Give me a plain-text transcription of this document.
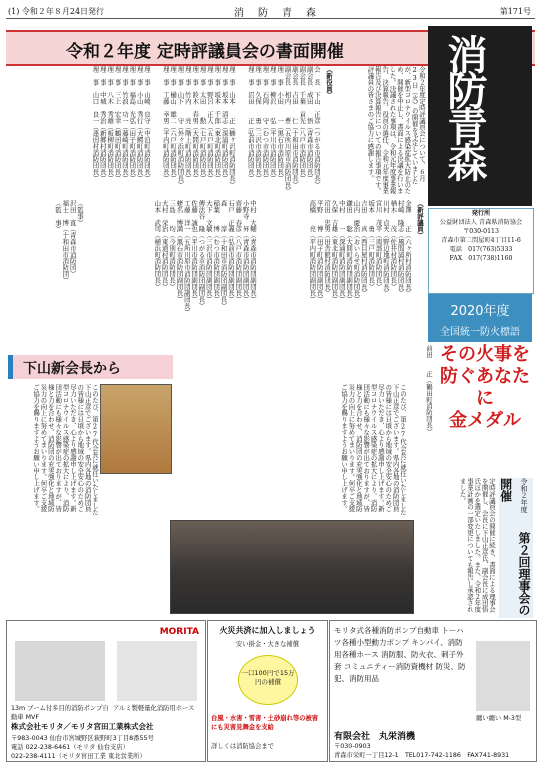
(1) 令和２年８月24日発行	消　防　青　森	第171号
令和２年度 定時評議員会の書面開催
令和２年度定時評議員会について、６月23日（火）の開催を予定していましたが、新型コロナウイルス感染症拡大防止のため、開催を中止し、書面による決議を行いました。決議された事項は、令和元年度事業報告、決算報告、役員の選任、令和元年度事業報告及び決算報告についての報告事項です。評議員の皆さまのご協力に感謝します。
（新役員）
会　長　下山　正彦（つがる市消防団長）
副会長　成田　　悟（青森市消防団長）
副会長　千葉　貢光（八戸市消防団長）
副会長　吉田　　仁（十和田市消防団長）
副会長　相内　　豊（五所川原市消防団長）
理　事　小田　　一（黒石市消防団長）
理　事　柳沢　　弘（平川市消防団長）
理　事　石岡　　守（むつ市消防団長）
理　事　久保　　勇（三沢市消防団長）
理　事　沼田　　正（弘前市消防団長）
理　事　山本　　正（鰺ヶ沢町消防団長）
理　事　坂本　清志（深浦町消防団長）
理　事　坂本　千郎（東北町消防団長）
理　事　野呂　正人（五戸町消防団長）
理　事　太田　　勲（七戸町消防団長）
理　事　鈴木　春男（大間町消防団長）
理　事　竹内　　亮（階上町消防団長）
理　事　山下　　守（外ヶ浜町消防団長）
理　事　樋山　雄二（六戸町消防団長）
理　事　工藤　幸男（平内町消防団長）
理　事　山崎　良守（中泊町消防団長）
理　事　小山　秀行（大鰐町消防団長）
理　事　福島　光弘（田子町消防団長）
理　事　竹浪　功一（藤崎町消防団長）
理　事　三上　宏幸（鶴田町消防団長）
理　事　八木　秀雄（板柳町消防団長）
理　事　中城　秀治（新郷村消防団長）
理　事　山口　良一（蓬田村消防団長）
（新評議員）
金澤　　正（六ヶ所村消防団長）
村崎　隆志（風間浦村消防団長）
楢木　　茂（佐井村消防団長）
川村　貞夫（野辺地町消防団長）
宮川　茂平（南部町消防団長）
坂本　　勇（三戸町消防団長）
吉田　　真（西目屋村消防団長）
山内　慶治（おいらせ町消防団長）
鎌田　　聡（大間町消防団副団長）
中村　　一（深浦町消防団副団長）
久保　吉雄（東北町消防団副団長）
沼田　忠男（田舎館村消防団長）
平野　　博（田子町消防団副団長）
高橋　　亮（平内町消防団副団長）
中村　大輔（青森市消防団副団長）
小野寺　昇（青森市消防団副団長）
齊藤　春彦（八戸市消防団副団長）
石戸　正義（弘前市消防団副団長）
森　　　淳（十和田市消防団副団長）
稲葉　　博（むつ市消防団副団長）
大下　文敏（三沢市消防団副団長）
傳法谷　隆（つがる市消防団副団長）
佐藤　誠也（平川市消防団副団長）
工藤　洋一（五所川原市消防団副団長）
蛯名　博満（黒石市消防団副団長）
三島　　均（今別町消防団長）
大村　栄治（東通村消防団長）
山本　武司（横浜町消防団長）
（監事）
沢田　直（青森市消防団）
福士　博（十和田市消防団）
（監　事）
消防青森
発行所
公益財団法人 青森県消防協会
〒030-0113
青森市第二問屋町4丁目11-6
電話　017(763)5333
FAX　017(738)1160
2020年度
全国統一防火標語
その火事を
防ぐあなたに
金メダル
前田　　正（鶴田町消防団長）
下山新会長から
このたび、第27代会長に就任いたしました下山正彦でございます。県内各地の消防団員の皆様には日頃から地域の安全安心のためご尽力いただき、心より感謝申し上げます。新型コロナウイルス感染症の拡大により、消防団活動にも様々な影響が出ておりますが、皆様と力を合わせ、消防団の充実強化と地域防災力の向上に努めてまいります。何卒ご支援ご協力を賜りますようお願い申し上げます。	このたび、第27代会長に就任いたしました下山正彦でございます。県内各地の消防団員の皆様には日頃から地域の安全安心のためご尽力いただき、心より感謝申し上げます。新型コロナウイルス感染症の拡大により、消防団活動にも様々な影響が出ておりますが、皆様と力を合わせ、消防団の充実強化と地域防災力の向上に努めてまいります。何卒ご支援ご協力を賜りますようお願い申し上げます。	令和２年度 第２回理事会の開催
定時評議員会の開催に続き、書面による理事会を開催し、会長に下山正彦氏、副会長に成田悟氏ほかを選定いたしました。また、令和２年度事業計画の一部変更についても報告し承認されました。
MORITA
13m ブーム付多目的消防ポンプ自動車 MVF
アルミ製軽量化消防用ホース
株式会社モリタ／モリタ宮田工業株式会社
〒983-0043 仙台市宮城野区萩野町3丁目8番55号
電話 022-238-6461（モリタ 仙台支店）
022-238-4111（モリタ宮田工業 東北営業所）
火災共済に加入しましょう
安い掛金・大きな補償
一口100円で15万円の補償
台風・水害・雪害・土砂崩れ等の被害にも災害見舞金を支給
詳しくは消防協会まで
モリタ式各種消防ポンプ自動車 トーハツ各種小型動力ポンプ キンパイ、消防用各種ホース 消防服、防火衣、刺子外套 コミュニティー消防資機材 防災、防犯、消防用品
纏い纏い M-3型
有限会社　丸栄消機
〒030-0903
青森市栄町一丁目12-1　TEL017-742-1186　FAX741-8931
